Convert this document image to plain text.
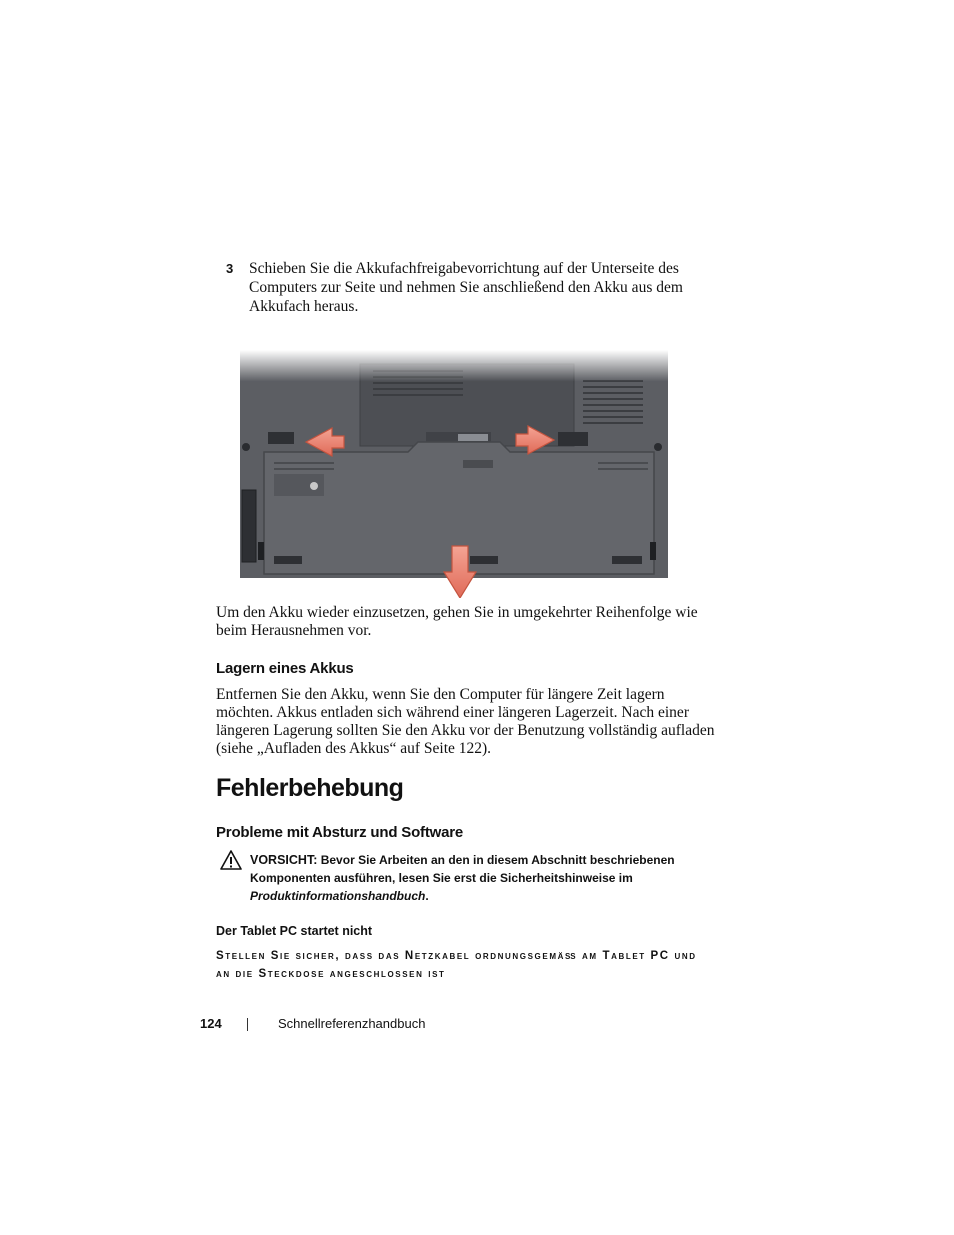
3 Schieben Sie die Akkufachfreigabevorrichtung auf der Unterseite des Computers zur Seite und nehmen Sie anschließend den Akku aus dem Akkufach heraus.
Um den Akku wieder einzusetzen, gehen Sie in umgekehrter Reihenfolge wie beim Herausnehmen vor.
Lagern eines Akkus
Entfernen Sie den Akku, wenn Sie den Computer für längere Zeit lagern möchten. Akkus entladen sich während einer längeren Lagerzeit. Nach einer längeren Lagerung sollten Sie den Akku vor der Benutzung vollständig aufladen (siehe „Aufladen des Akkus“ auf Seite 122).
Fehlerbehebung
Probleme mit Absturz und Software
VORSICHT: Bevor Sie Arbeiten an den in diesem Abschnitt beschriebenen Komponenten ausführen, lesen Sie erst die Sicherheitshinweise im Produktinformationshandbuch.
Der Tablet PC startet nicht
Stellen Sie sicher, dass das Netzkabel ordnungsgemäß am Tablet PC und an die Steckdose angeschlossen ist
124	Schnellreferenzhandbuch
